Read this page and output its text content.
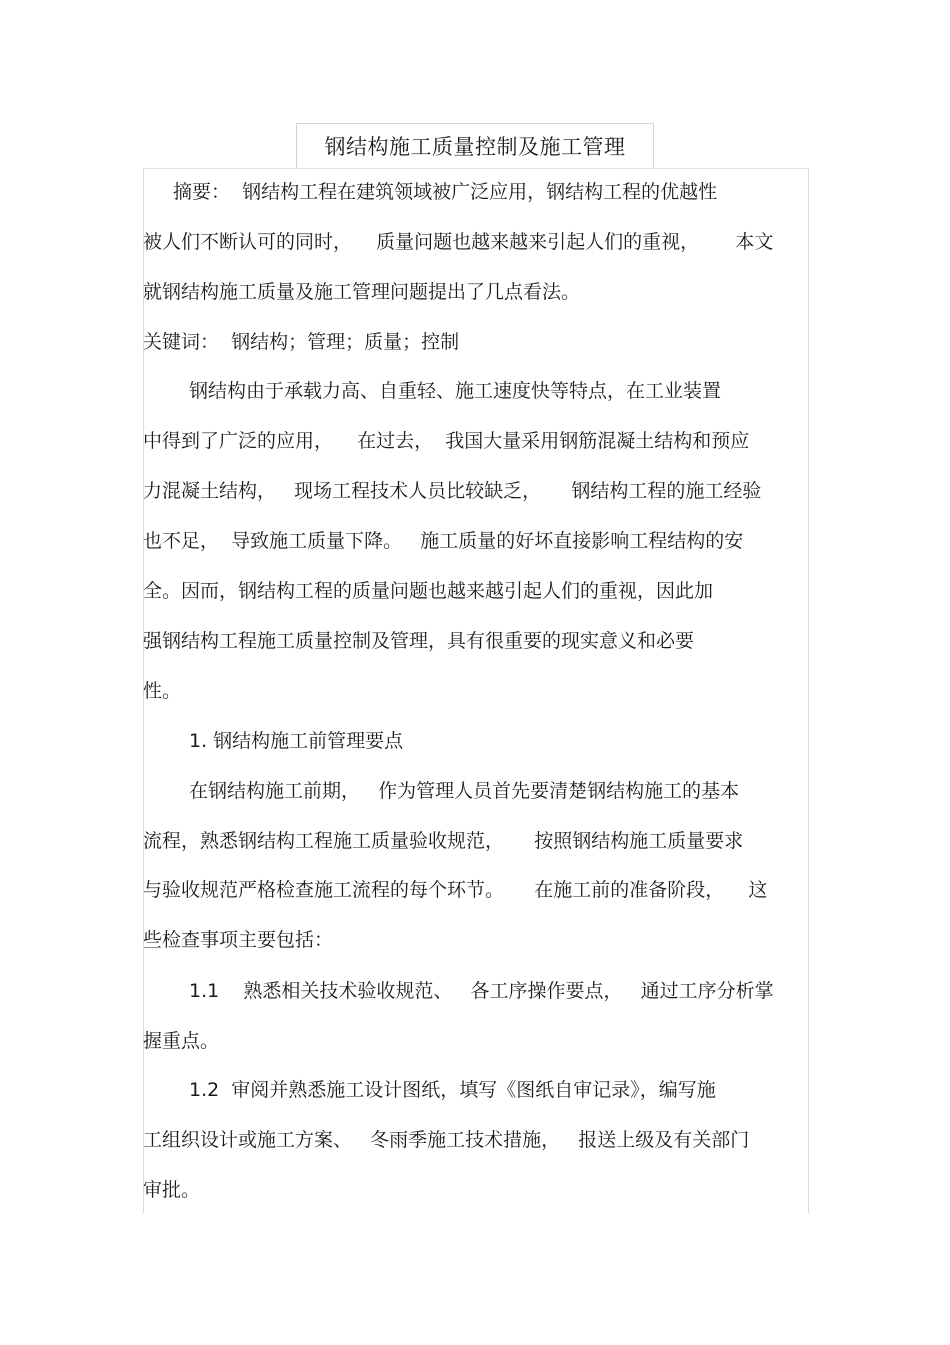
钢结构施工质量控制及施工管理
摘要：  钢结构工程在建筑领域被广泛应用，钢结构工程的优越性
被人们不断认可的同时，    质量问题也越来越来引起人们的重视，      本文
就钢结构施工质量及施工管理问题提出了几点看法。
关键词：  钢结构；管理；质量；控制
钢结构由于承载力高、自重轻、施工速度快等特点，在工业装置
中得到了广泛的应用，    在过去，  我国大量采用钢筋混凝土结构和预应
力混凝土结构，   现场工程技术人员比较缺乏，     钢结构工程的施工经验
也不足，  导致施工质量下降。   施工质量的好坏直接影响工程结构的安
全。因而，钢结构工程的质量问题也越来越引起人们的重视，因此加
强钢结构工程施工质量控制及管理，具有很重要的现实意义和必要
性。
1. 钢结构施工前管理要点
在钢结构施工前期，   作为管理人员首先要清楚钢结构施工的基本
流程，熟悉钢结构工程施工质量验收规范，     按照钢结构施工质量要求
与验收规范严格检查施工流程的每个环节。     在施工前的准备阶段，    这
些检查事项主要包括：
1.1    熟悉相关技术验收规范、   各工序操作要点，   通过工序分析掌
握重点。
1.2  审阅并熟悉施工设计图纸，填写《图纸自审记录》，编写施
工组织设计或施工方案、   冬雨季施工技术措施，   报送上级及有关部门
审批。
